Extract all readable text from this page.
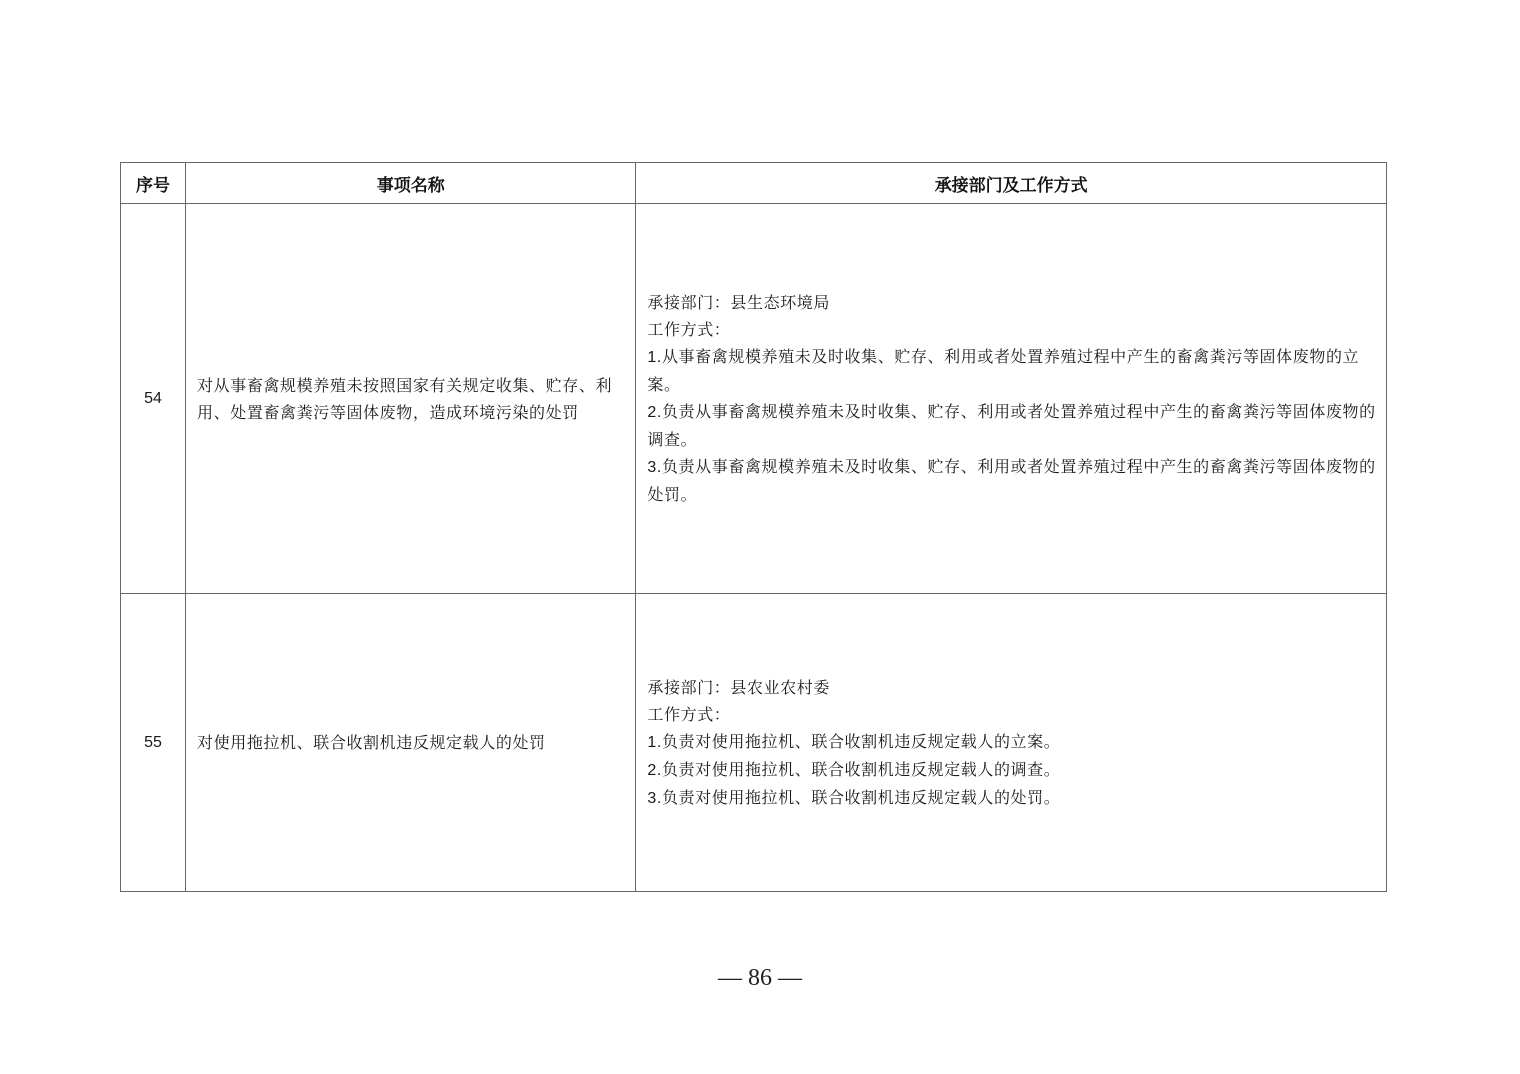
序号	事项名称	承接部门及工作方式
54	对从事畜禽规模养殖未按照国家有关规定收集、贮存、利用、处置畜禽粪污等固体废物，造成环境污染的处罚	承接部门：县生态环境局
工作方式：
1.从事畜禽规模养殖未及时收集、贮存、利用或者处置养殖过程中产生的畜禽粪污等固体废物的立案。
2.负责从事畜禽规模养殖未及时收集、贮存、利用或者处置养殖过程中产生的畜禽粪污等固体废物的调查。
3.负责从事畜禽规模养殖未及时收集、贮存、利用或者处置养殖过程中产生的畜禽粪污等固体废物的处罚。

55	对使用拖拉机、联合收割机违反规定载人的处罚	承接部门：县农业农村委
工作方式：
1.负责对使用拖拉机、联合收割机违反规定载人的立案。
2.负责对使用拖拉机、联合收割机违反规定载人的调查。
3.负责对使用拖拉机、联合收割机违反规定载人的处罚。
— 86 —
